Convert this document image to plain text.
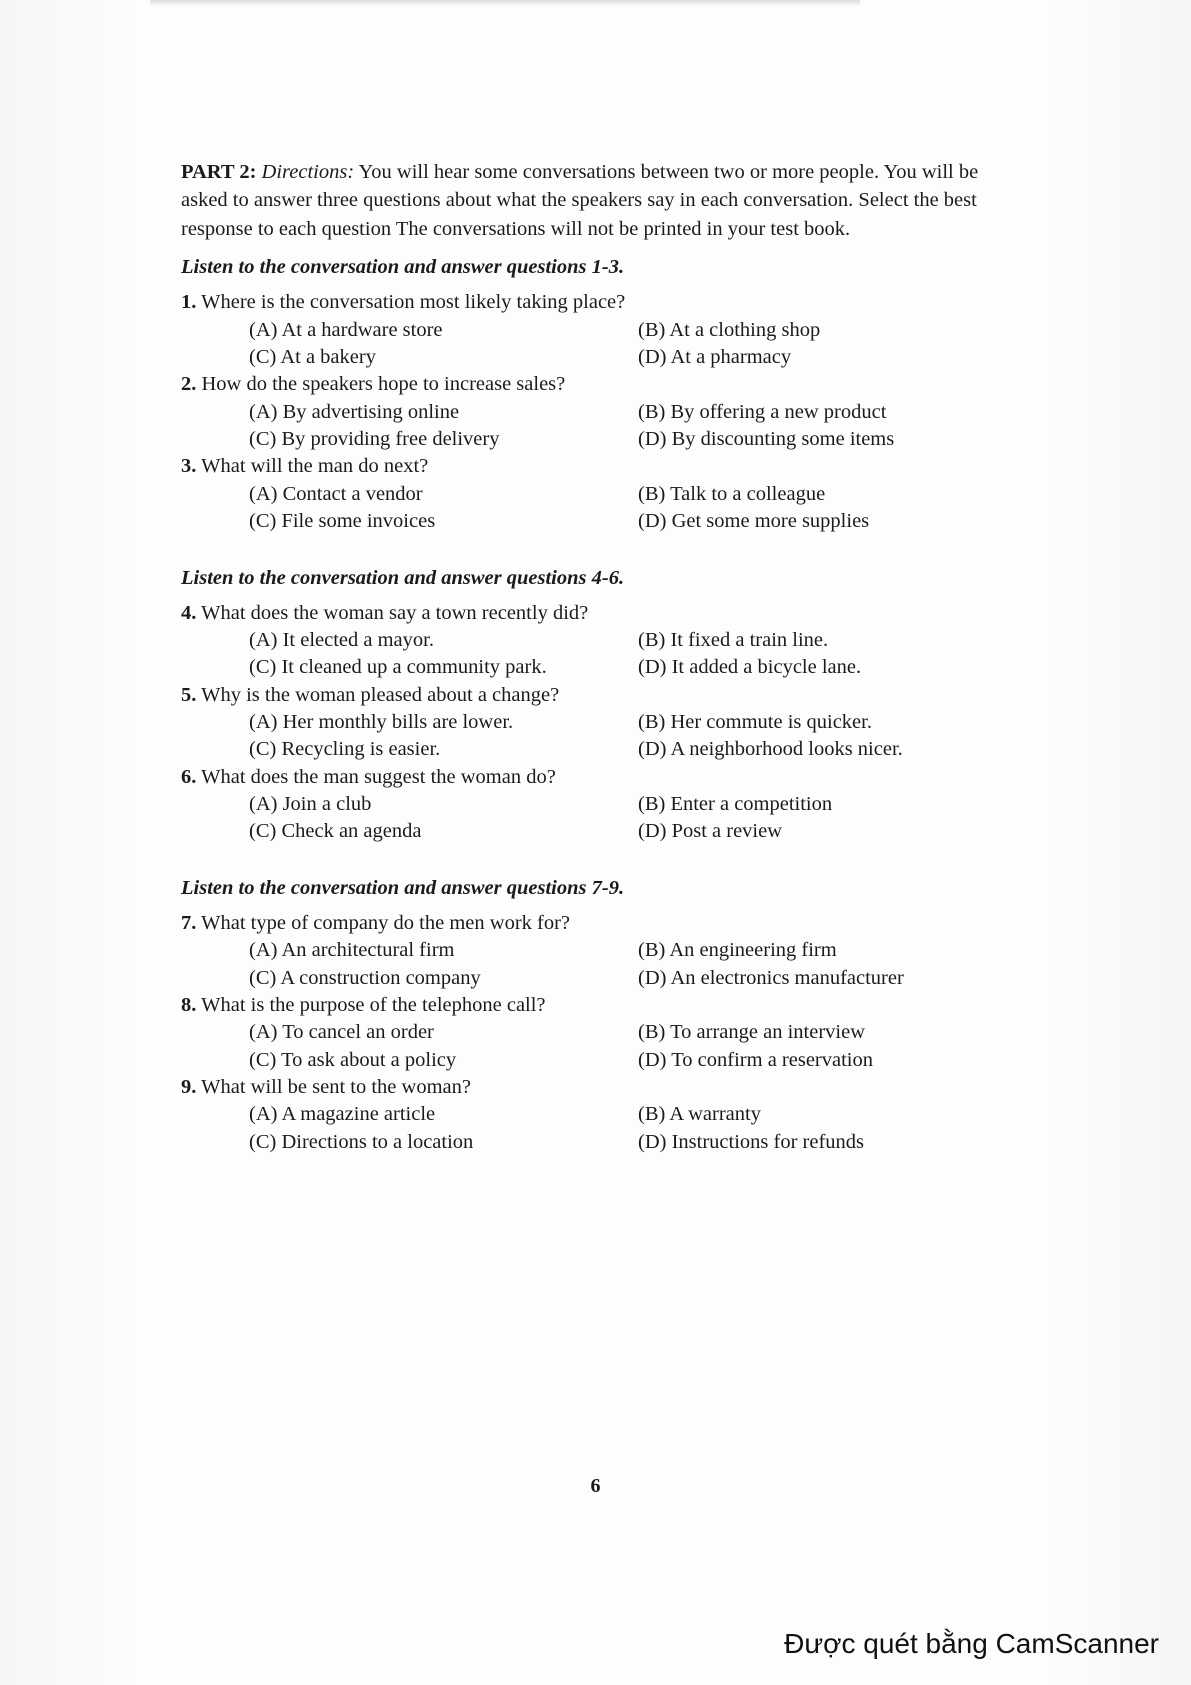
PART 2: Directions: You will hear some conversations between two or more people. You will be asked to answer three questions about what the speakers say in each conversation. Select the best response to each question The conversations will not be printed in your test book.

Listen to the conversation and answer questions 1-3.

1. Where is the conversation most likely taking place?
(A) At a hardware store	(B) At a clothing shop
(C) At a bakery	(D) At a pharmacy
2. How do the speakers hope to increase sales?
(A) By advertising online	(B) By offering a new product
(C) By providing free delivery	(D) By discounting some items
3. What will the man do next?
(A) Contact a vendor	(B) Talk to a colleague
(C) File some invoices	(D) Get some more supplies

Listen to the conversation and answer questions 4-6.

4. What does the woman say a town recently did?
(A) It elected a mayor.	(B) It fixed a train line.
(C) It cleaned up a community park.	(D) It added a bicycle lane.
5. Why is the woman pleased about a change?
(A) Her monthly bills are lower.	(B) Her commute is quicker.
(C) Recycling is easier.	(D) A neighborhood looks nicer.
6. What does the man suggest the woman do?
(A) Join a club	(B) Enter a competition
(C) Check an agenda	(D) Post a review

Listen to the conversation and answer questions 7-9.

7. What type of company do the men work for?
(A) An architectural firm	(B) An engineering firm
(C) A construction company	(D) An electronics manufacturer
8. What is the purpose of the telephone call?
(A) To cancel an order	(B) To arrange an interview
(C) To ask about a policy	(D) To confirm a reservation
9. What will be sent to the woman?
(A) A magazine article	(B) A warranty
(C) Directions to a location	(D) Instructions for refunds
6
Được quét bằng CamScanner
